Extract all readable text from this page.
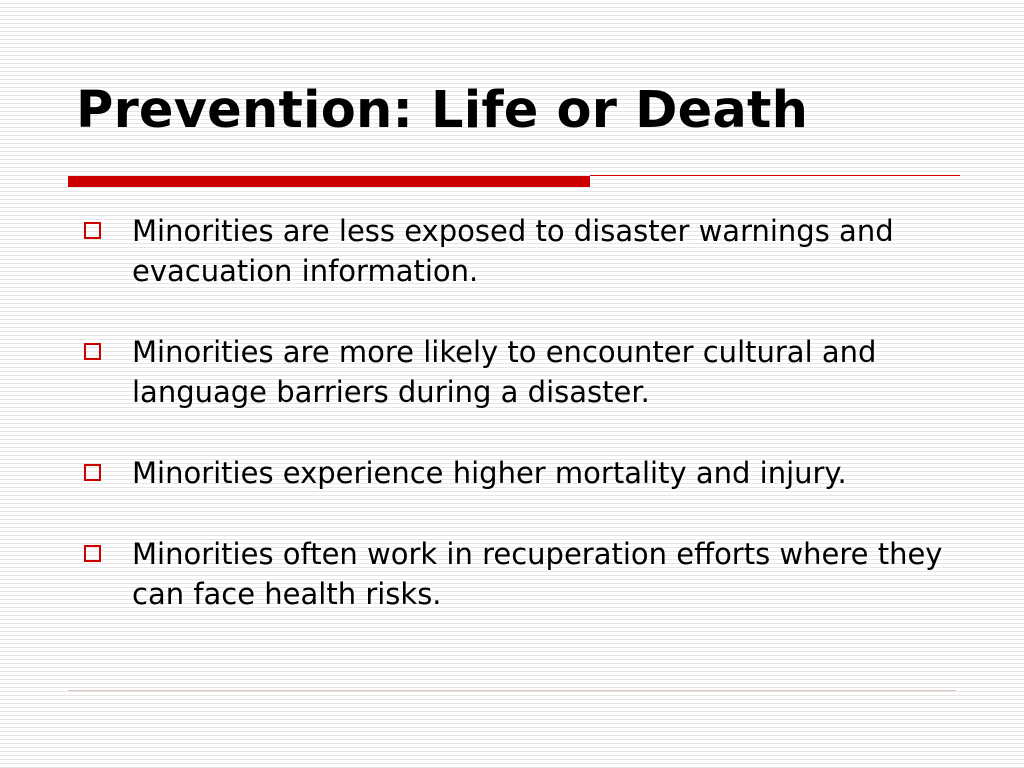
Prevention: Life or Death
Minorities are less exposed to disaster warnings and evacuation information.
Minorities are more likely to encounter cultural and language barriers during a disaster.
Minorities experience higher mortality and injury.
Minorities often work in recuperation efforts where they can face health risks.
